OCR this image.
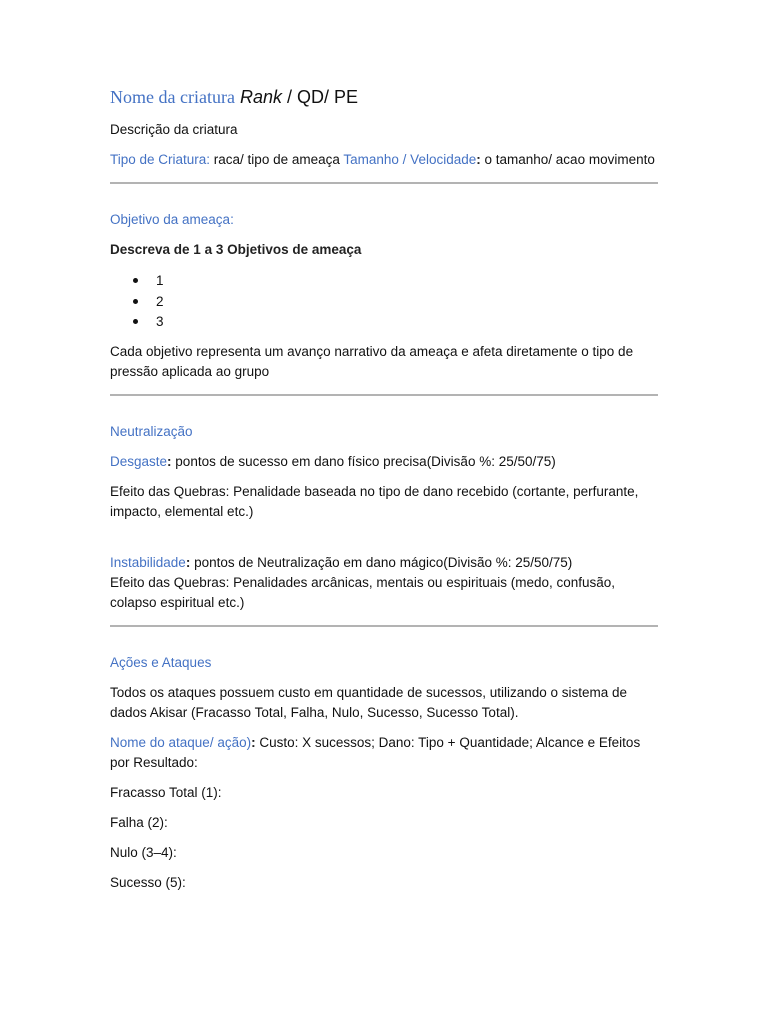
Nome da criatura Rank / QD/ PE

Descrição da criatura

Tipo de Criatura: raca/ tipo de ameaça Tamanho / Velocidade: o tamanho/ acao movimento

Objetivo da ameaça:

Descreva de 1 a 3 Objetivos de ameaça

1
2
3

Cada objetivo representa um avanço narrativo da ameaça e afeta diretamente o tipo de pressão aplicada ao grupo

Neutralização

Desgaste: pontos de sucesso em dano físico precisa(Divisão %: 25/50/75)

Efeito das Quebras: Penalidade baseada no tipo de dano recebido (cortante, perfurante, impacto, elemental etc.)

Instabilidade: pontos de Neutralização em dano mágico(Divisão %: 25/50/75)

Efeito das Quebras: Penalidades arcânicas, mentais ou espirituais (medo, confusão, colapso espiritual etc.)

Ações e Ataques

Todos os ataques possuem custo em quantidade de sucessos, utilizando o sistema de dados Akisar (Fracasso Total, Falha, Nulo, Sucesso, Sucesso Total).

Nome do ataque/ ação): Custo: X sucessos; Dano: Tipo + Quantidade; Alcance e Efeitos por Resultado:

Fracasso Total (1):

Falha (2):

Nulo (3–4):

Sucesso (5):
